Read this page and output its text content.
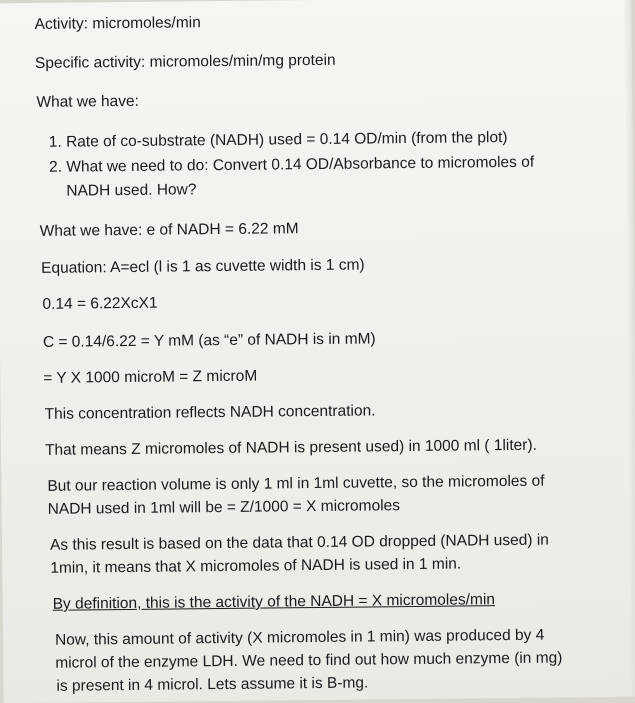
Activity: micromoles/min
Specific activity: micromoles/min/mg protein
What we have:
1. Rate of co-substrate (NADH) used = 0.14 OD/min (from the plot)
2. What we need to do: Convert 0.14 OD/Absorbance to micromoles of
NADH used. How?
What we have: e of NADH = 6.22 mM
Equation: A=ecl (l is 1 as cuvette width is 1 cm)
0.14 = 6.22XcX1
C = 0.14/6.22 = Y mM (as “e” of NADH is in mM)
= Y X 1000 microM = Z microM
This concentration reflects NADH concentration.
That means Z micromoles of NADH is present used) in 1000 ml ( 1liter).
But our reaction volume is only 1 ml in 1ml cuvette, so the micromoles of
NADH used in 1ml will be = Z/1000 = X micromoles
As this result is based on the data that 0.14 OD dropped (NADH used) in
1min, it means that X micromoles of NADH is used in 1 min.
By definition, this is the activity of the NADH = X micromoles/min
Now, this amount of activity (X micromoles in 1 min) was produced by 4
microl of the enzyme LDH. We need to find out how much enzyme (in mg)
is present in 4 microl. Lets assume it is B-mg.
